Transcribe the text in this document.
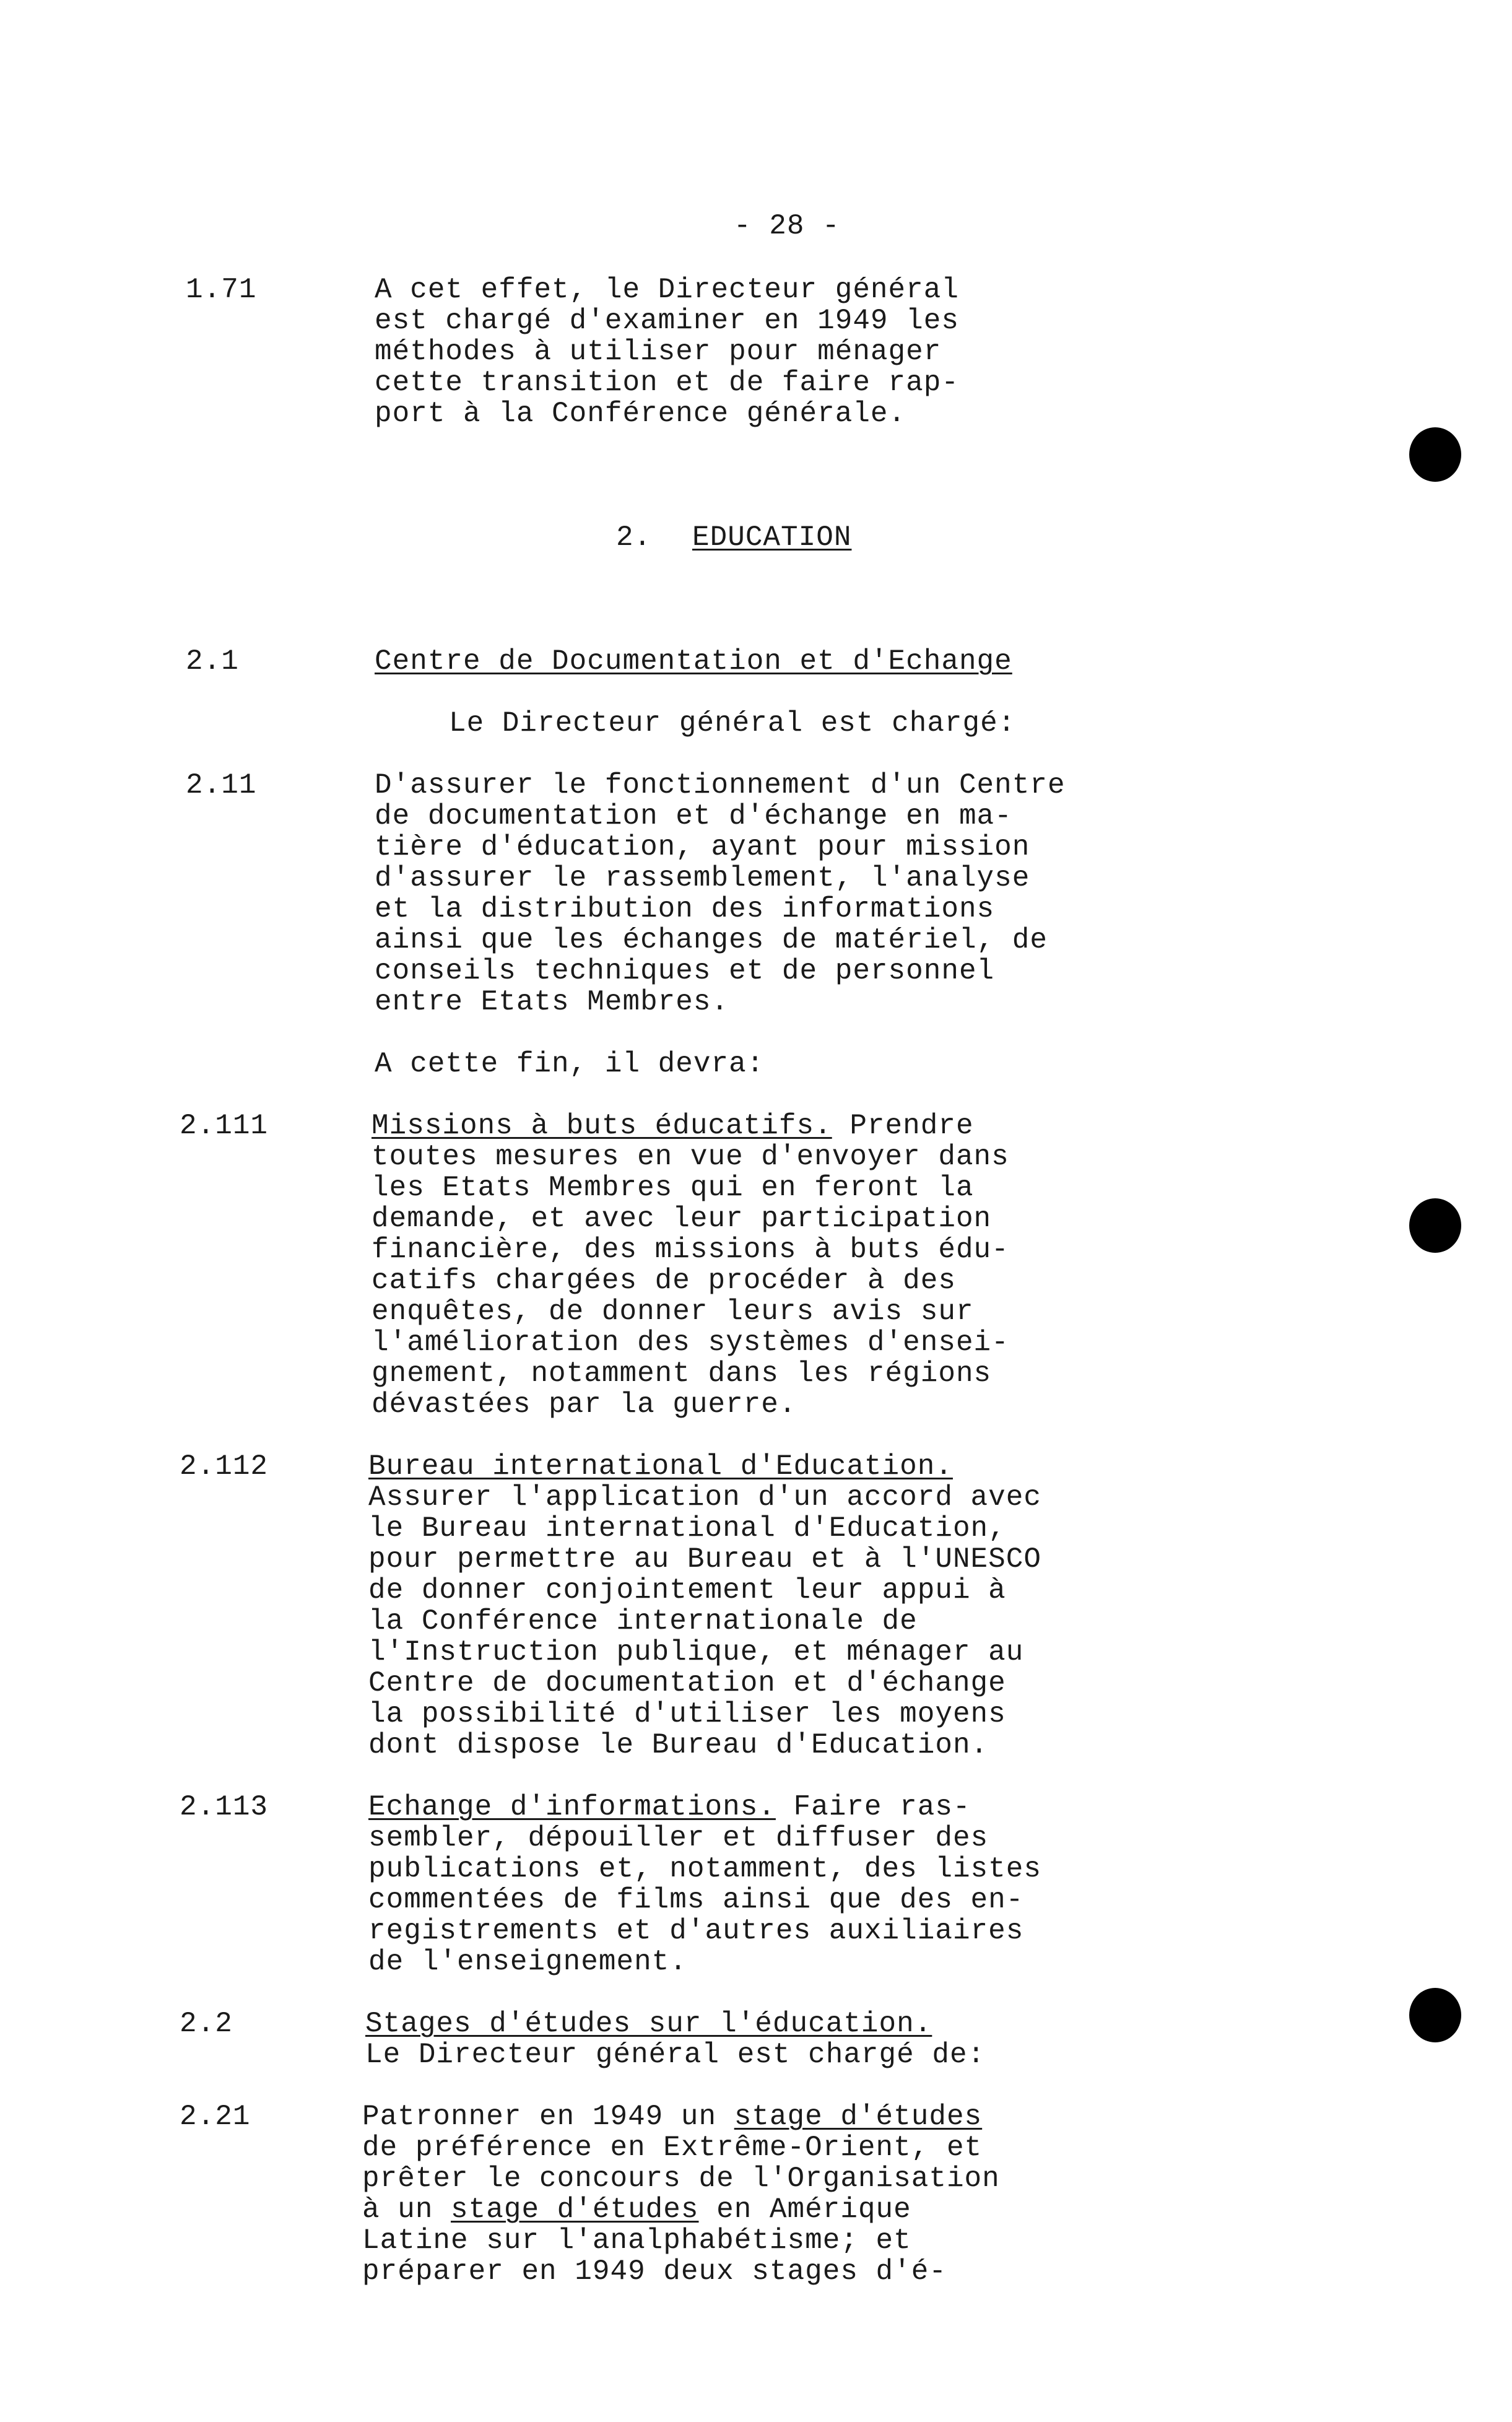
- 28 -
1.71	A cet effet, le Directeur général
est chargé d'examiner en 1949 les
méthodes à utiliser pour ménager
cette transition et de faire rap-
port à la Conférence générale.
2. EDUCATION
2.1	Centre de Documentation et d'Echange
Le Directeur général est chargé:
2.11	D'assurer le fonctionnement d'un Centre
de documentation et d'échange en ma-
tière d'éducation, ayant pour mission
d'assurer le rassemblement, l'analyse
et la distribution des informations
ainsi que les échanges de matériel, de
conseils techniques et de personnel
entre Etats Membres.
A cette fin, il devra:
2.111	Missions à buts éducatifs. Prendre
toutes mesures en vue d'envoyer dans
les Etats Membres qui en feront la
demande, et avec leur participation
financière, des missions à buts édu-
catifs chargées de procéder à des
enquêtes, de donner leurs avis sur
l'amélioration des systèmes d'ensei-
gnement, notamment dans les régions
dévastées par la guerre.
2.112	Bureau international d'Education.
Assurer l'application d'un accord avec
le Bureau international d'Education,
pour permettre au Bureau et à l'UNESCO
de donner conjointement leur appui à
la Conférence internationale de
l'Instruction publique, et ménager au
Centre de documentation et d'échange
la possibilité d'utiliser les moyens
dont dispose le Bureau d'Education.
2.113	Echange d'informations. Faire ras-
sembler, dépouiller et diffuser des
publications et, notamment, des listes
commentées de films ainsi que des en-
registrements et d'autres auxiliaires
de l'enseignement.
2.2	Stages d'études sur l'éducation.
Le Directeur général est chargé de:
2.21	Patronner en 1949 un stage d'études
de préférence en Extrême-Orient, et
prêter le concours de l'Organisation
à un stage d'études en Amérique
Latine sur l'analphabétisme; et
préparer en 1949 deux stages d'é-
